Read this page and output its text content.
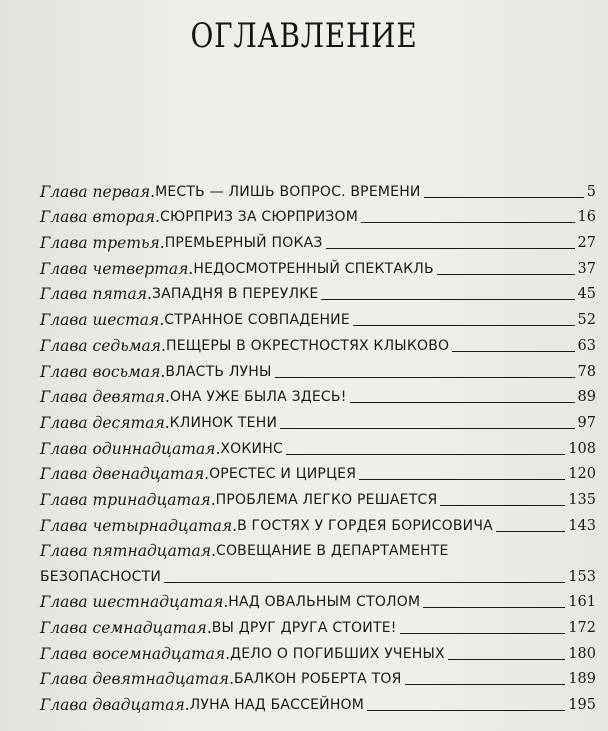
ОГЛАВЛЕНИЕ
Глава первая . МЕСТЬ — ЛИШЬ ВОПРОС. ВРЕМЕНИ	5
Глава вторая . СЮРПРИЗ ЗА СЮРПРИЗОМ	16
Глава третья . ПРЕМЬЕРНЫЙ ПОКАЗ	27
Глава четвертая . НЕДОСМОТРЕННЫЙ СПЕКТАКЛЬ	37
Глава пятая . ЗАПАДНЯ В ПЕРЕУЛКЕ	45
Глава шестая . СТРАННОЕ СОВПАДЕНИЕ	52
Глава седьмая . ПЕЩЕРЫ В ОКРЕСТНОСТЯХ КЛЫКОВО	63
Глава восьмая . ВЛАСТЬ ЛУНЫ	78
Глава девятая . ОНА УЖЕ БЫЛА ЗДЕСЬ!	89
Глава десятая . КЛИНОК ТЕНИ	97
Глава одиннадцатая . ХОКИНС	108
Глава двенадцатая . ОРЕСТЕС И ЦИРЦЕЯ	120
Глава тринадцатая . ПРОБЛЕМА ЛЕГКО РЕШАЕТСЯ	135
Глава четырнадцатая . В ГОСТЯХ У ГОРДЕЯ БОРИСОВИЧА	143
Глава пятнадцатая . СОВЕЩАНИЕ В ДЕПАРТАМЕНТЕ
БЕЗОПАСНОСТИ	153
Глава шестнадцатая . НАД ОВАЛЬНЫМ СТОЛОМ	161
Глава семнадцатая . ВЫ ДРУГ ДРУГА СТОИТЕ!	172
Глава восемнадцатая . ДЕЛО О ПОГИБШИХ УЧЕНЫХ	180
Глава девятнадцатая . БАЛКОН РОБЕРТА ТОЯ	189
Глава двадцатая . ЛУНА НАД БАССЕЙНОМ	195
